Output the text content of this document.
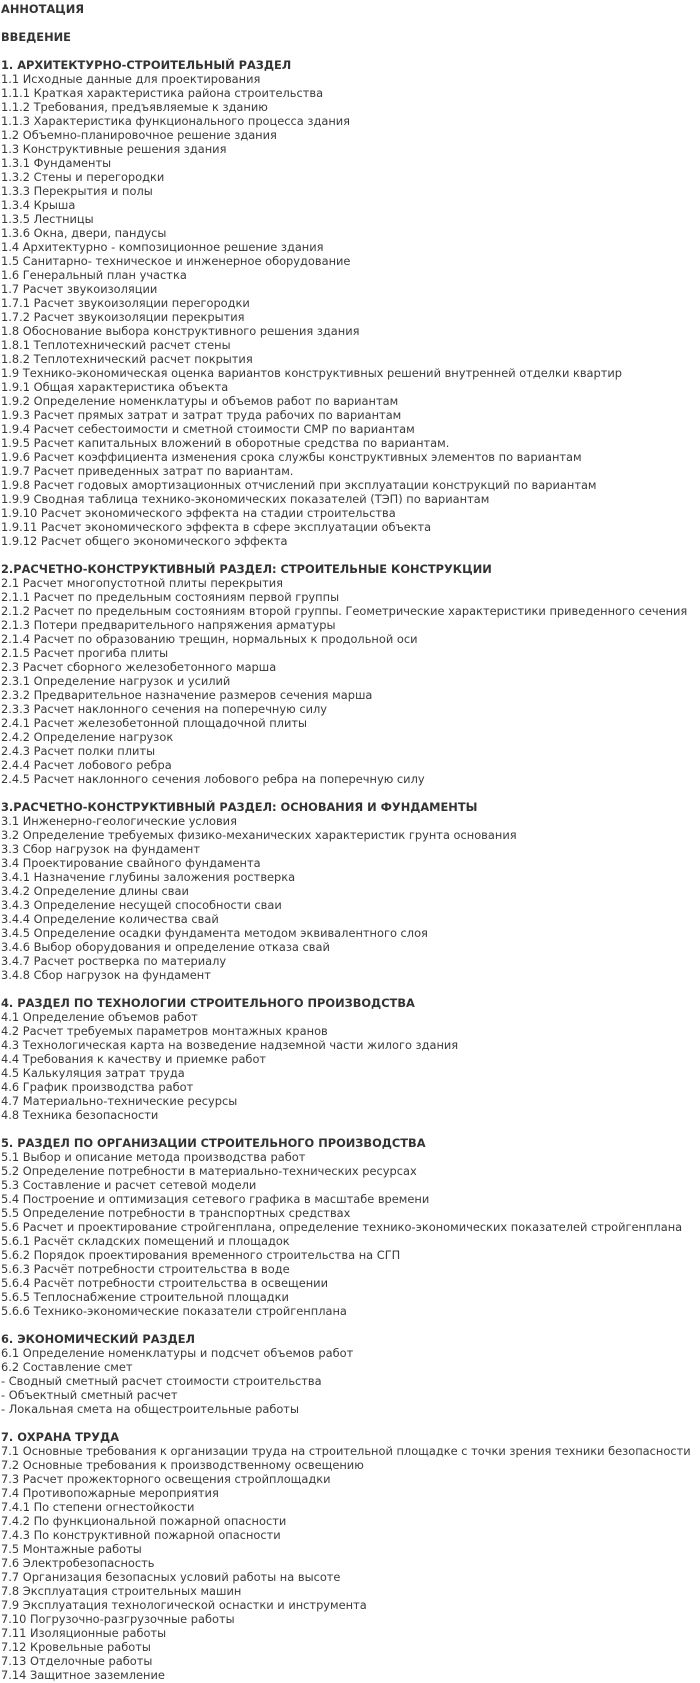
АННОТАЦИЯ
ВВЕДЕНИЕ
1. АРХИТЕКТУРНО-СТРОИТЕЛЬНЫЙ РАЗДЕЛ
1.1 Исходные данные для проектирования
1.1.1 Краткая характеристика района строительства
1.1.2 Требования, предъявляемые к зданию
1.1.3 Характеристика функционального процесса здания
1.2 Объемно-планировочное решение здания
1.3 Конструктивные решения здания
1.3.1 Фундаменты
1.3.2 Стены и перегородки
1.3.3 Перекрытия и полы
1.3.4 Крыша
1.3.5 Лестницы
1.3.6 Окна, двери, пандусы
1.4 Архитектурно - композиционное решение здания
1.5 Санитарно- техническое и инженерное оборудование
1.6 Генеральный план участка
1.7 Расчет звукоизоляции
1.7.1 Расчет звукоизоляции перегородки
1.7.2 Расчет звукоизоляции перекрытия
1.8 Обоснование выбора конструктивного решения здания
1.8.1 Теплотехнический расчет стены
1.8.2 Теплотехнический расчет покрытия
1.9 Технико-экономическая оценка вариантов конструктивных решений внутренней отделки квартир
1.9.1 Общая характеристика объекта
1.9.2 Определение номенклатуры и объемов работ по вариантам
1.9.3 Расчет прямых затрат и затрат труда рабочих по вариантам
1.9.4 Расчет себестоимости и сметной стоимости СМР по вариантам
1.9.5 Расчет капитальных вложений в оборотные средства по вариантам.
1.9.6 Расчет коэффициента изменения срока службы конструктивных элементов по вариантам
1.9.7 Расчет приведенных затрат по вариантам.
1.9.8 Расчет годовых амортизационных отчислений при эксплуатации конструкций по вариантам
1.9.9 Сводная таблица технико-экономических показателей (ТЭП) по вариантам
1.9.10 Расчет экономического эффекта на стадии строительства
1.9.11 Расчет экономического эффекта в сфере эксплуатации объекта
1.9.12 Расчет общего экономического эффекта
2.РАСЧЕТНО-КОНСТРУКТИВНЫЙ РАЗДЕЛ: СТРОИТЕЛЬНЫЕ КОНСТРУКЦИИ
2.1 Расчет многопустотной плиты перекрытия
2.1.1 Расчет по предельным состояниям первой группы
2.1.2 Расчет по предельным состояниям второй группы. Геометрические характеристики приведенного сечения
2.1.3 Потери предварительного напряжения арматуры
2.1.4 Расчет по образованию трещин, нормальных к продольной оси
2.1.5 Расчет прогиба плиты
2.3 Расчет сборного железобетонного марша
2.3.1 Определение нагрузок и усилий
2.3.2 Предварительное назначение размеров сечения марша
2.3.3 Расчет наклонного сечения на поперечную силу
2.4.1 Расчет железобетонной площадочной плиты
2.4.2 Определение нагрузок
2.4.3 Расчет полки плиты
2.4.4 Расчет лобового ребра
2.4.5 Расчет наклонного сечения лобового ребра на поперечную силу
3.РАСЧЕТНО-КОНСТРУКТИВНЫЙ РАЗДЕЛ: ОСНОВАНИЯ И ФУНДАМЕНТЫ
3.1 Инженерно-геологические условия
3.2 Определение требуемых физико-механических характеристик грунта основания
3.3 Сбор нагрузок на фундамент
3.4 Проектирование свайного фундамента
3.4.1 Назначение глубины заложения ростверка
3.4.2 Определение длины сваи
3.4.3 Определение несущей способности сваи
3.4.4 Определение количества свай
3.4.5 Определение осадки фундамента методом эквивалентного слоя
3.4.6 Выбор оборудования и определение отказа свай
3.4.7 Расчет ростверка по материалу
3.4.8 Сбор нагрузок на фундамент
4. РАЗДЕЛ ПО ТЕХНОЛОГИИ СТРОИТЕЛЬНОГО ПРОИЗВОДСТВА
4.1 Определение объемов работ
4.2 Расчет требуемых параметров монтажных кранов
4.3 Технологическая карта на возведение надземной части жилого здания
4.4 Требования к качеству и приемке работ
4.5 Калькуляция затрат труда
4.6 График производства работ
4.7 Материально-технические ресурсы
4.8 Техника безопасности
5. РАЗДЕЛ ПО ОРГАНИЗАЦИИ СТРОИТЕЛЬНОГО ПРОИЗВОДСТВА
5.1 Выбор и описание метода производства работ
5.2 Определение потребности в материально-технических ресурсах
5.3 Составление и расчет сетевой модели
5.4 Построение и оптимизация сетевого графика в масштабе времени
5.5 Определение потребности в транспортных средствах
5.6 Расчет и проектирование стройгенплана, определение технико-экономических показателей стройгенплана
5.6.1 Расчёт складских помещений и площадок
5.6.2 Порядок проектирования временного строительства на СГП
5.6.3 Расчёт потребности строительства в воде
5.6.4 Расчёт потребности строительства в освещении
5.6.5 Теплоснабжение строительной площадки
5.6.6 Технико-экономические показатели стройгенплана
6. ЭКОНОМИЧЕСКИЙ РАЗДЕЛ
6.1 Определение номенклатуры и подсчет объемов работ
6.2 Составление смет
- Сводный сметный расчет стоимости строительства
- Объектный сметный расчет
- Локальная смета на общестроительные работы
7. ОХРАНА ТРУДА
7.1 Основные требования к организации труда на строительной площадке с точки зрения техники безопасности
7.2 Основные требования к производственному освещению
7.3 Расчет прожекторного освещения стройплощадки
7.4 Противопожарные мероприятия
7.4.1 По степени огнестойкости
7.4.2 По функциональной пожарной опасности
7.4.3 По конструктивной пожарной опасности
7.5 Монтажные работы
7.6 Электробезопасность
7.7 Организация безопасных условий работы на высоте
7.8 Эксплуатация строительных машин
7.9 Эксплуатация технологической оснастки и инструмента
7.10 Погрузочно-разгрузочные работы
7.11 Изоляционные работы
7.12 Кровельные работы
7.13 Отделочные работы
7.14 Защитное заземление
